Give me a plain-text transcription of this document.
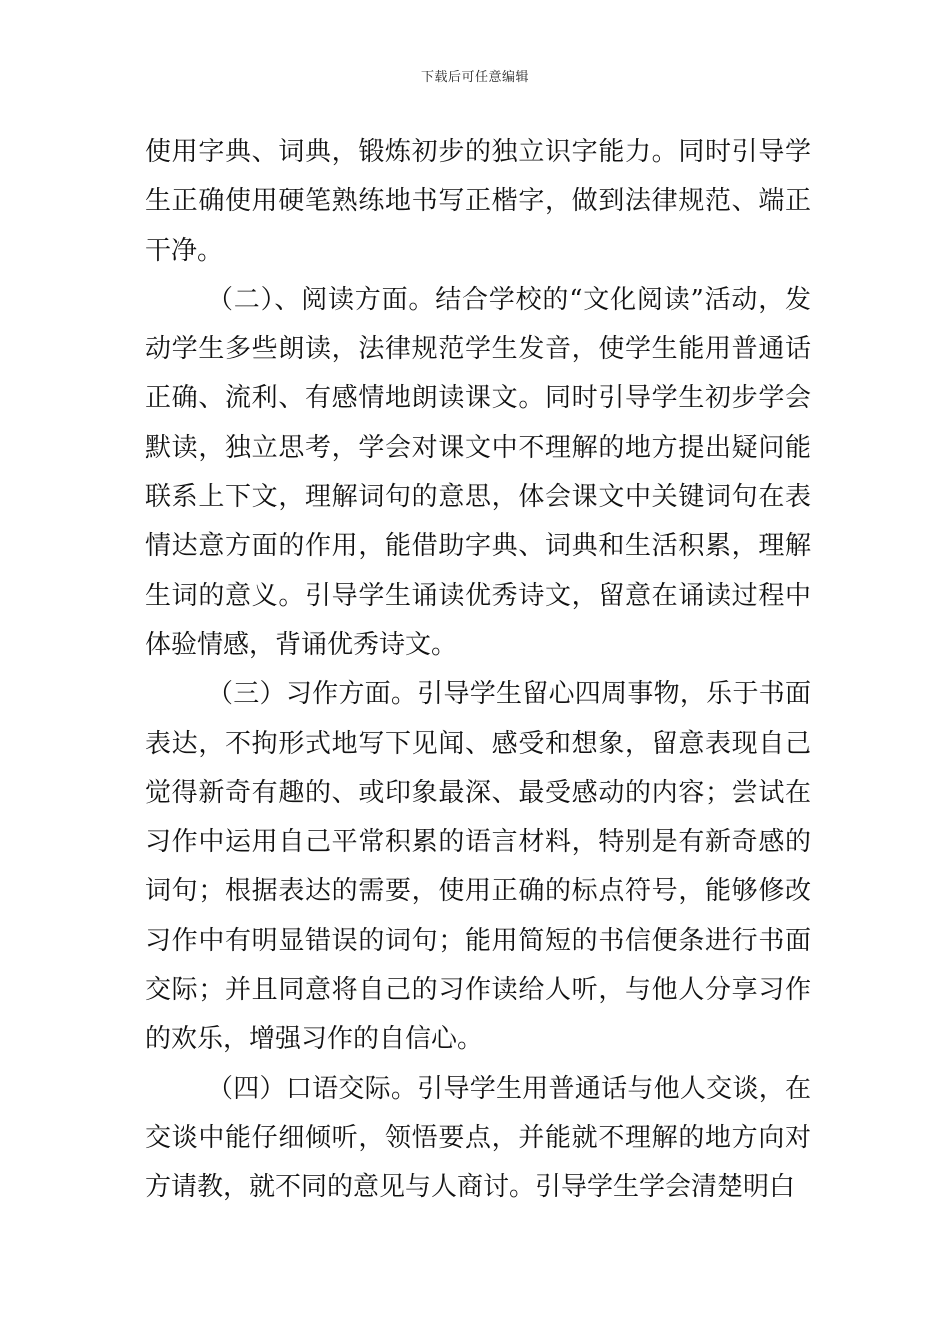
下载后可任意编辑

使用字典、词典，锻炼初步的独立识字能力。同时引导学生正确使用硬笔熟练地书写正楷字，做到法律规范、端正干净。

（二）、阅读方面。结合学校的“文化阅读”活动，发动学生多些朗读，法律规范学生发音，使学生能用普通话正确、流利、有感情地朗读课文。同时引导学生初步学会默读，独立思考，学会对课文中不理解的地方提出疑问能联系上下文，理解词句的意思，体会课文中关键词句在表情达意方面的作用，能借助字典、词典和生活积累，理解生词的意义。引导学生诵读优秀诗文，留意在诵读过程中体验情感，背诵优秀诗文。

（三）习作方面。引导学生留心四周事物，乐于书面表达，不拘形式地写下见闻、感受和想象，留意表现自己觉得新奇有趣的、或印象最深、最受感动的内容；尝试在习作中运用自己平常积累的语言材料，特别是有新奇感的词句；根据表达的需要，使用正确的标点符号，能够修改习作中有明显错误的词句；能用简短的书信便条进行书面交际；并且同意将自己的习作读给人听，与他人分享习作的欢乐，增强习作的自信心。

（四）口语交际。引导学生用普通话与他人交谈，在交谈中能仔细倾听，领悟要点，并能就不理解的地方向对方请教，就不同的意见与人商讨。引导学生学会清楚明白
